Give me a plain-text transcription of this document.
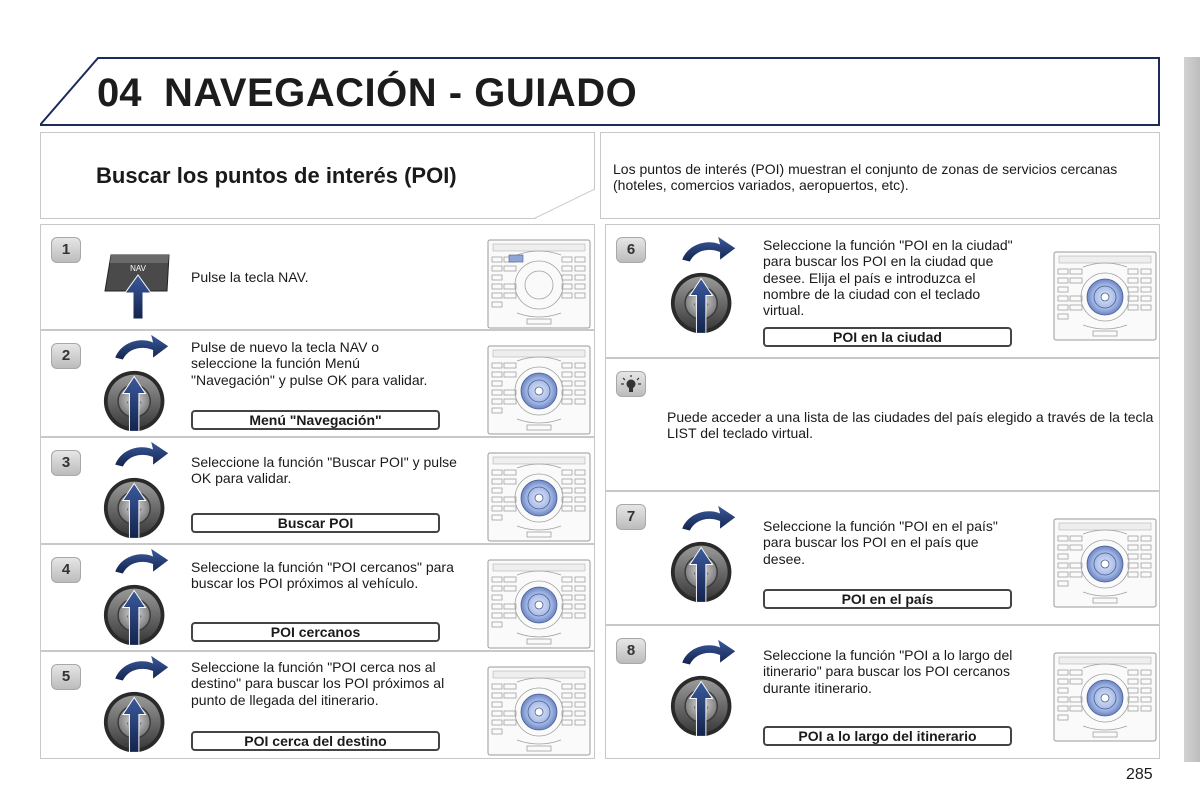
04 NAVEGACIÓN - GUIADO
Buscar los puntos de interés (POI)	Los puntos de interés (POI) muestran el conjunto de zonas de servicios cercanas (hoteles, comercios variados, aeropuertos, etc).
1
NAV
Pulse la tecla NAV.
2	Pulse de nuevo la tecla NAV o seleccione la función Menú "Navegación" y pulse OK para validar.
Menú "Navegación"
3	Seleccione la función "Buscar POI" y pulse OK para validar.
Buscar POI
4	Seleccione la función "POI cercanos" para buscar los POI próximos al vehículo.
POI cercanos
5
Seleccione la función "POI cerca nos al destino" para buscar los POI próximos al punto de llegada del itinerario.
POI cerca del destino
6	Seleccione la función "POI en la ciudad" para buscar los POI en la ciudad que desee. Elija el país e introduzca el nombre de la ciudad con el teclado virtual.
POI en la ciudad
Puede acceder a una lista de las ciudades del país elegido a través de la tecla LIST del teclado virtual.
7
Seleccione la función "POI en el país" para buscar los POI en el país que desee.
POI en el país
8	Seleccione la función "POI a lo largo del itinerario" para buscar los POI cercanos durante itinerario.
POI a lo largo del itinerario
285
